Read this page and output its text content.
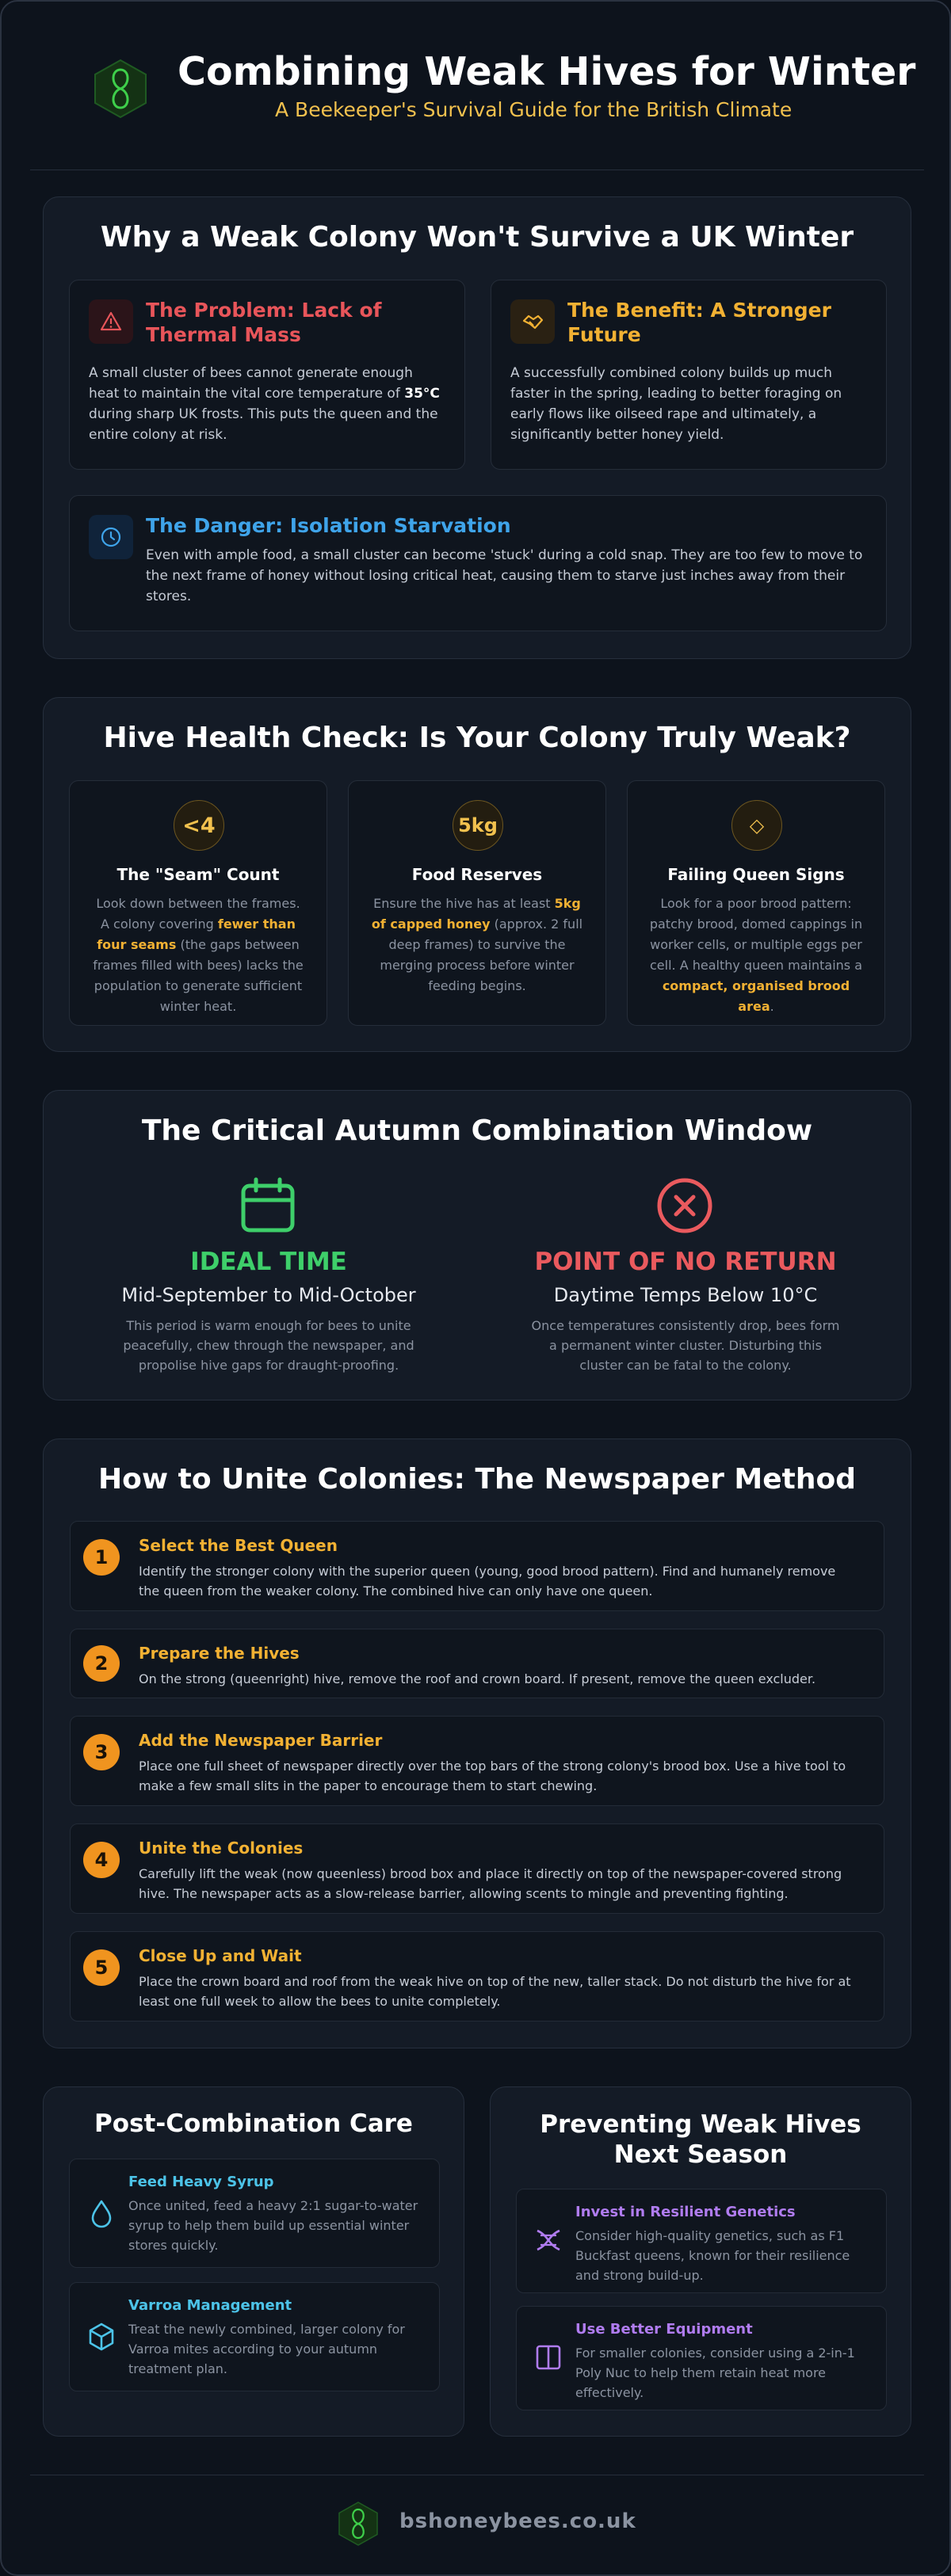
Combining Weak Hives for Winter
A Beekeeper's Survival Guide for the British Climate
Why a Weak Colony Won't Survive a UK Winter
The Problem: Lack of
Thermal Mass
A small cluster of bees cannot generate enough heat to maintain the vital core temperature of 35°C during sharp UK frosts. This puts the queen and the entire colony at risk.
The Benefit: A Stronger
Future
A successfully combined colony builds up much faster in the spring, leading to better foraging on early flows like oilseed rape and ultimately, a significantly better honey yield.
The Danger: Isolation Starvation
Even with ample food, a small cluster can become 'stuck' during a cold snap. They are too few to move to the next frame of honey without losing critical heat, causing them to starve just inches away from their stores.
Hive Health Check: Is Your Colony Truly Weak?
<4
The "Seam" Count
Look down between the frames. A colony covering fewer than four seams (the gaps between frames filled with bees) lacks the population to generate sufficient winter heat.
5kg
Food Reserves
Ensure the hive has at least 5kg of capped honey (approx. 2 full deep frames) to survive the merging process before winter feeding begins.
◇
Failing Queen Signs
Look for a poor brood pattern: patchy brood, domed cappings in worker cells, or multiple eggs per cell. A healthy queen maintains a compact, organised brood area.
The Critical Autumn Combination Window
IDEAL TIME
Mid-September to Mid-October
This period is warm enough for bees to unite peacefully, chew through the newspaper, and propolise hive gaps for draught-proofing.
POINT OF NO RETURN
Daytime Temps Below 10°C
Once temperatures consistently drop, bees form a permanent winter cluster. Disturbing this cluster can be fatal to the colony.
How to Unite Colonies: The Newspaper Method
1
Select the Best Queen
Identify the stronger colony with the superior queen (young, good brood pattern). Find and humanely remove the queen from the weaker colony. The combined hive can only have one queen.
2	Prepare the Hives
On the strong (queenright) hive, remove the roof and crown board. If present, remove the queen excluder.
3
Add the Newspaper Barrier
Place one full sheet of newspaper directly over the top bars of the strong colony's brood box. Use a hive tool to make a few small slits in the paper to encourage them to start chewing.
4
Unite the Colonies
Carefully lift the weak (now queenless) brood box and place it directly on top of the newspaper-covered strong hive. The newspaper acts as a slow-release barrier, allowing scents to mingle and preventing fighting.
5
Close Up and Wait
Place the crown board and roof from the weak hive on top of the new, taller stack. Do not disturb the hive for at least one full week to allow the bees to unite completely.
Post-Combination Care
Feed Heavy Syrup
Once united, feed a heavy 2:1 sugar-to-water syrup to help them build up essential winter stores quickly.
Varroa Management
Treat the newly combined, larger colony for Varroa mites according to your autumn treatment plan.
Preventing Weak Hives
Next Season
Invest in Resilient Genetics
Consider high-quality genetics, such as F1 Buckfast queens, known for their resilience and strong build-up.
Use Better Equipment
For smaller colonies, consider using a 2-in-1 Poly Nuc to help them retain heat more effectively.
bshoneybees.co.uk
